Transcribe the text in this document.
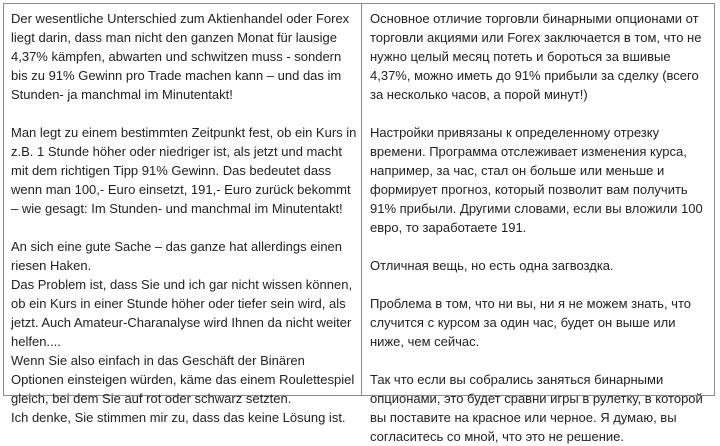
Der wesentliche Unterschied zum Aktienhandel oder Forex liegt darin, dass man nicht den ganzen Monat für lausige 4,37% kämpfen, abwarten und schwitzen muss - sondern bis zu 91% Gewinn pro Trade machen kann – und das im Stunden- ja manchmal im Minutentakt!

Man legt zu einem bestimmten Zeitpunkt fest, ob ein Kurs in z.B. 1 Stunde höher oder niedriger ist, als jetzt und macht mit dem richtigen Tipp 91% Gewinn. Das bedeutet dass wenn man 100,- Euro einsetzt, 191,- Euro zurück bekommt – wie gesagt: Im Stunden- und manchmal im Minutentakt!

An sich eine gute Sache – das ganze hat allerdings einen riesen Haken.

Das Problem ist, dass Sie und ich gar nicht wissen können, ob ein Kurs in einer Stunde höher oder tiefer sein wird, als jetzt. Auch Amateur-Charanalyse wird Ihnen da nicht weiter helfen....

Wenn Sie also einfach in das Geschäft der Binären Optionen einsteigen würden, käme das einem Roulettespiel gleich, bei dem Sie auf rot oder schwarz setzten.

Ich denke, Sie stimmen mir zu, dass das keine Lösung ist.

Основное отличие торговли бинарными опционами от торговли акциями или Forex заключается в том, что не нужно целый месяц потеть и бороться за вшивые 4,37%, можно иметь до 91% прибыли за сделку (всего за несколько часов, а порой минут!)

Настройки привязаны к определенному отрезку времени. Программа отслеживает изменения курса, например, за час, стал он больше или меньше и формирует прогноз, который позволит вам получить 91% прибыли. Другими словами, если вы вложили 100 евро, то заработаете 191.

Отличная вещь, но есть одна загвоздка.

Проблема в том, что ни вы, ни я не можем знать, что случится с курсом за один час, будет он выше или ниже, чем сейчас.

Так что если вы собрались заняться бинарными опционами, это будет сравни игры в рулетку, в которой вы поставите на красное или черное. Я думаю, вы согласитесь со мной, что это не решение.
